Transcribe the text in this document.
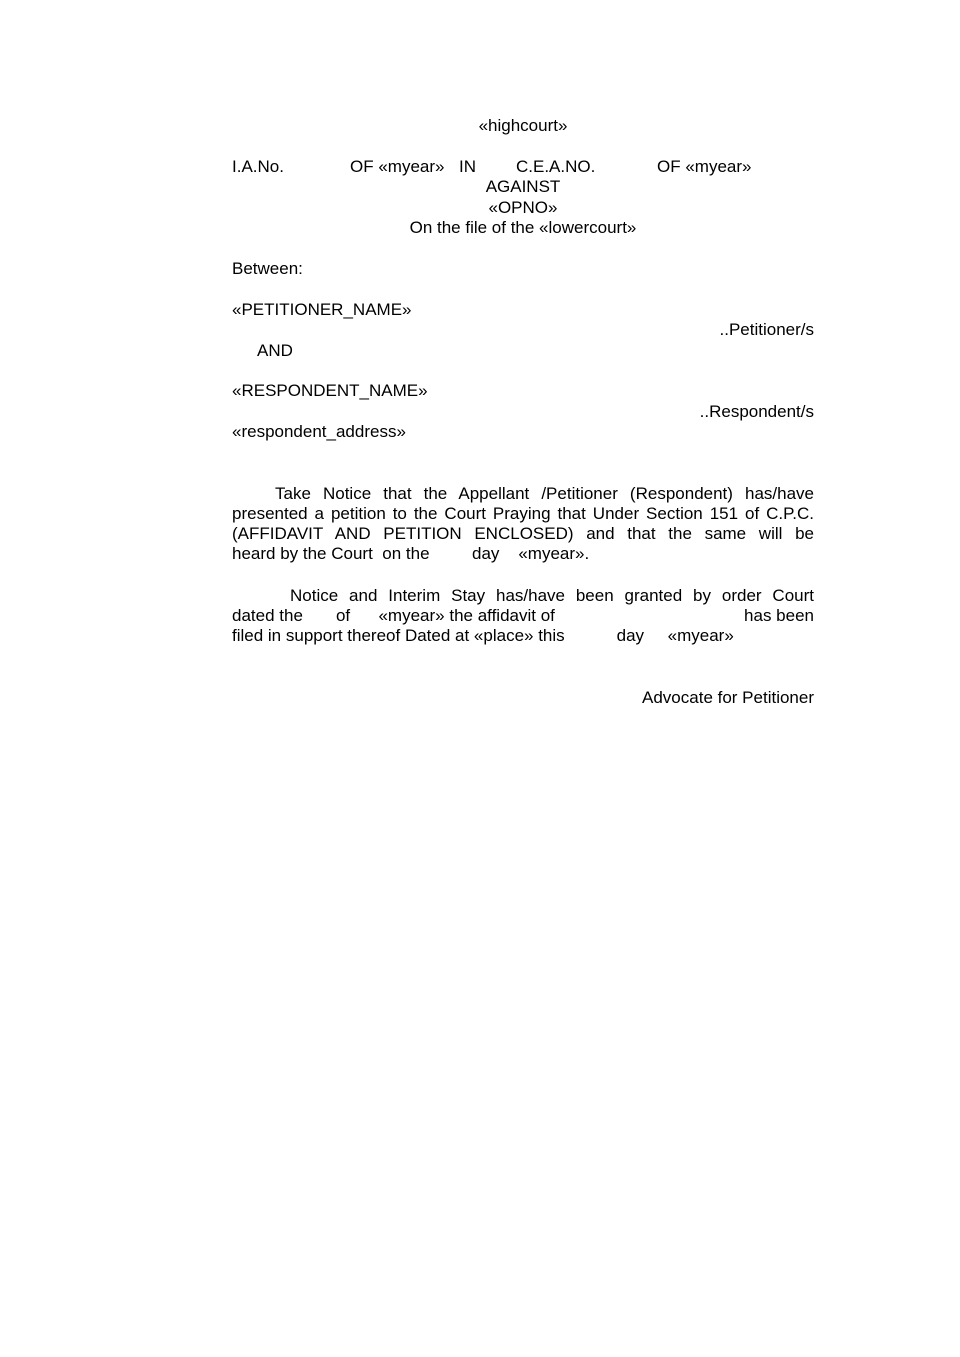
«highcourt»
I.A.No.	OF «myear» IN C.E.A.NO.	OF «myear»
AGAINST
«OPNO»
On the file of the «lowercourt»
Between:
«PETITIONER_NAME»
..Petitioner/s
AND
«RESPONDENT_NAME»
..Respondent/s
«respondent_address»
Take Notice that the Appellant /Petitioner (Respondent) has/have
presented a petition to the Court Praying that Under Section 151 of C.P.C.
(AFFIDAVIT AND PETITION ENCLOSED) and that the same will be
heard by the Court  on the         day    «myear».
Notice and Interim Stay has/have been granted by order Court
dated the       of      «myear» the affidavit of	has been
filed in support thereof Dated at «place» this           day     «myear»
Advocate for Petitioner
